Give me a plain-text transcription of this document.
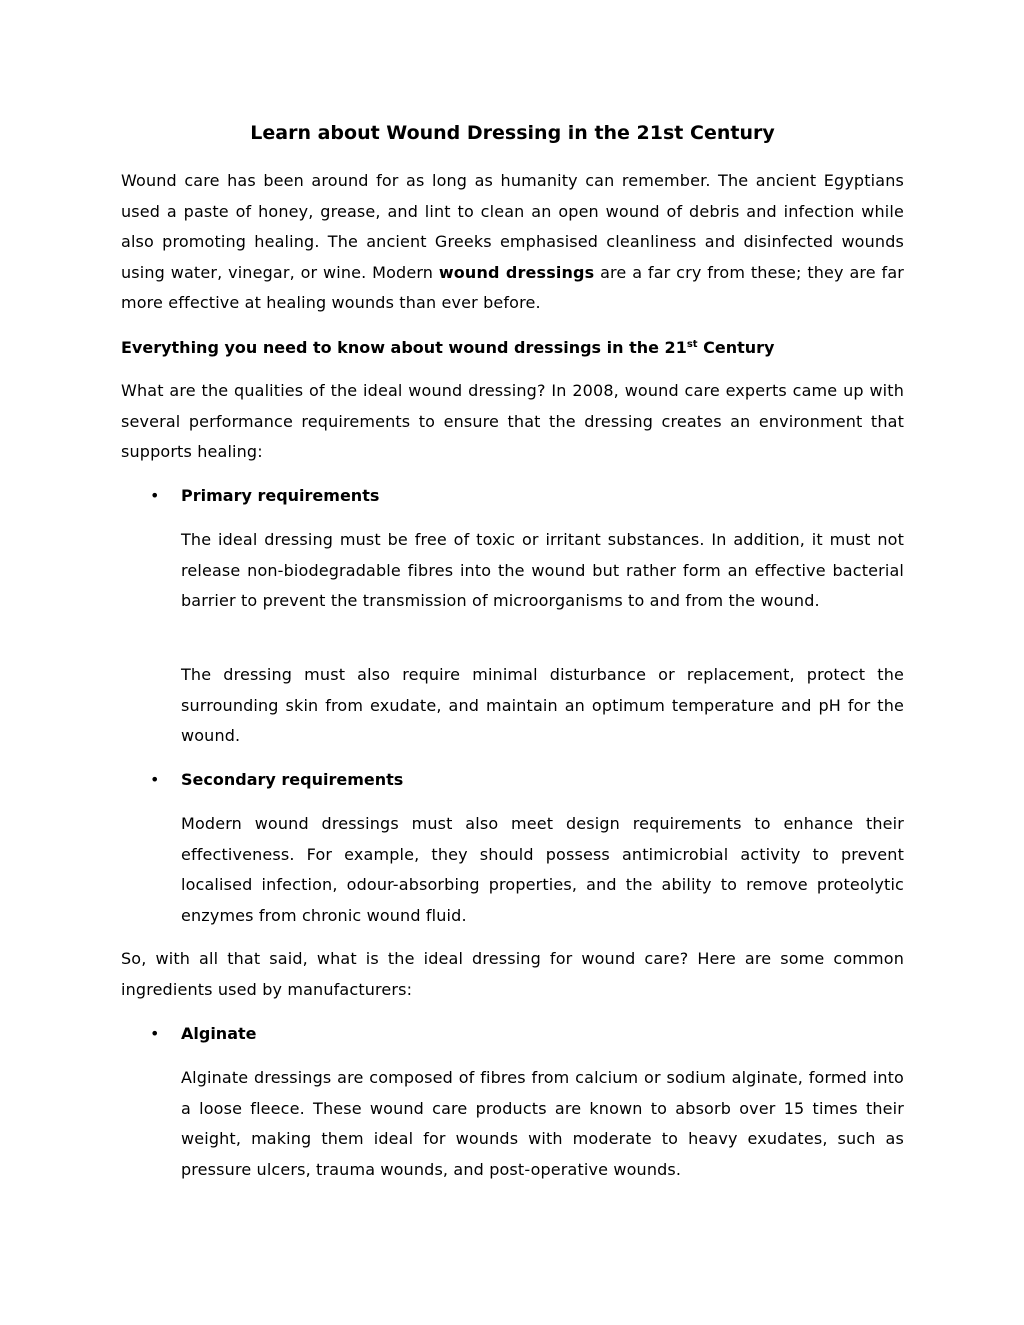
Learn about Wound Dressing in the 21st Century

Wound care has been around for as long as humanity can remember. The ancient Egyptians used a paste of honey, grease, and lint to clean an open wound of debris and infection while also promoting healing. The ancient Greeks emphasised cleanliness and disinfected wounds using water, vinegar, or wine. Modern wound dressings are a far cry from these; they are far more effective at healing wounds than ever before.

Everything you need to know about wound dressings in the 21st Century

What are the qualities of the ideal wound dressing? In 2008, wound care experts came up with several performance requirements to ensure that the dressing creates an environment that supports healing:

• Primary requirements

The ideal dressing must be free of toxic or irritant substances. In addition, it must not release non-biodegradable fibres into the wound but rather form an effective bacterial barrier to prevent the transmission of microorganisms to and from the wound.

The dressing must also require minimal disturbance or replacement, protect the surrounding skin from exudate, and maintain an optimum temperature and pH for the wound.

• Secondary requirements

Modern wound dressings must also meet design requirements to enhance their effectiveness. For example, they should possess antimicrobial activity to prevent localised infection, odour-absorbing properties, and the ability to remove proteolytic enzymes from chronic wound fluid.

So, with all that said, what is the ideal dressing for wound care? Here are some common ingredients used by manufacturers:

• Alginate

Alginate dressings are composed of fibres from calcium or sodium alginate, formed into a loose fleece. These wound care products are known to absorb over 15 times their weight, making them ideal for wounds with moderate to heavy exudates, such as pressure ulcers, trauma wounds, and post-operative wounds.
